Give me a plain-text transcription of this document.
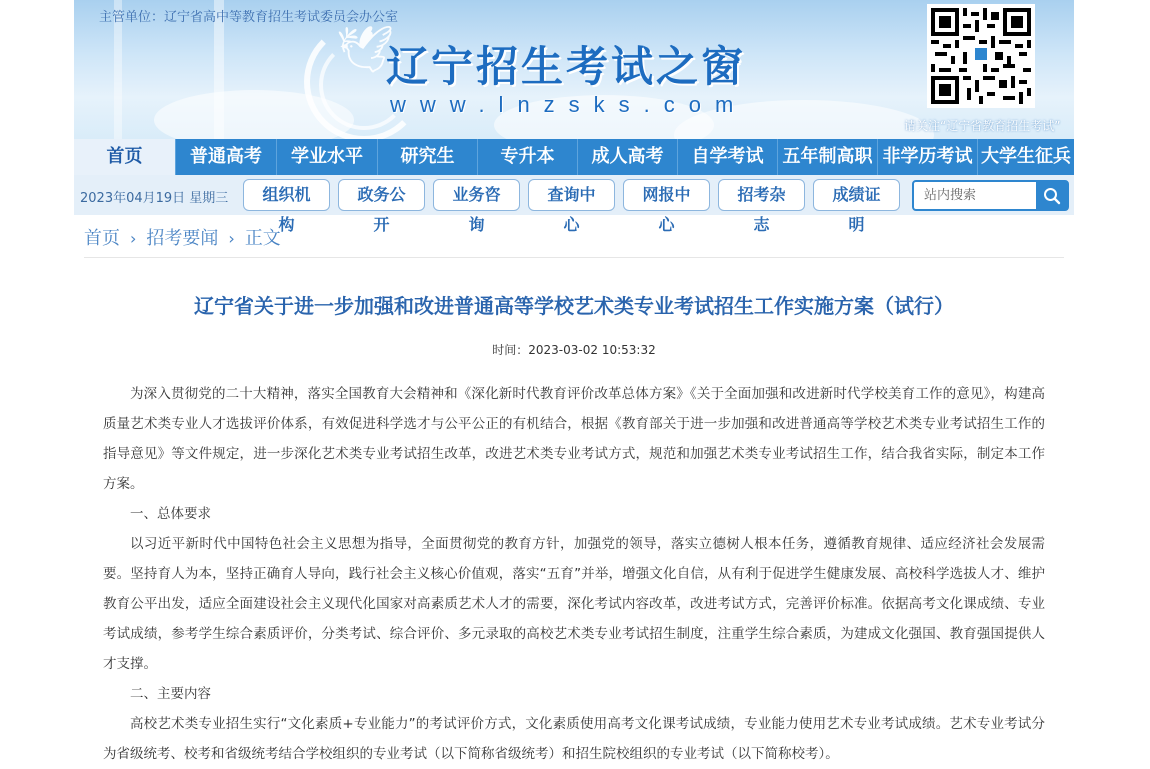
🕊
主管单位：辽宁省高中等教育招生考试委员会办公室
辽宁招生考试之窗
www.lnzsks.com
请关注“辽宁省教育招生考试”
首页	普通高考	学业水平	研究生	专升本	成人高考	自学考试	五年制高职 非学历考试 大学生征兵
2023年04月19日 星期三	组织机构
政务公开
业务咨询
查询中心
网报中心
招考杂志
成绩证明
站内搜索
首页 › 招考要闻 › 正文
辽宁省关于进一步加强和改进普通高等学校艺术类专业考试招生工作实施方案（试行）
时间：2023-03-02 10:53:32

为深入贯彻党的二十大精神，落实全国教育大会精神和《深化新时代教育评价改革总体方案》《关于全面加强和改进新时代学校美育工作的意见》，构建高质量艺术类专业人才选拔评价体系，有效促进科学选才与公平公正的有机结合，根据《教育部关于进一步加强和改进普通高等学校艺术类专业考试招生工作的指导意见》等文件规定，进一步深化艺术类专业考试招生改革，改进艺术类专业考试方式，规范和加强艺术类专业考试招生工作，结合我省实际，制定本工作方案。

一、总体要求

以习近平新时代中国特色社会主义思想为指导，全面贯彻党的教育方针，加强党的领导，落实立德树人根本任务，遵循教育规律、适应经济社会发展需要。坚持育人为本，坚持正确育人导向，践行社会主义核心价值观，落实“五育”并举，增强文化自信，从有利于促进学生健康发展、高校科学选拔人才、维护教育公平出发，适应全面建设社会主义现代化国家对高素质艺术人才的需要，深化考试内容改革，改进考试方式，完善评价标准。依据高考文化课成绩、专业考试成绩，参考学生综合素质评价，分类考试、综合评价、多元录取的高校艺术类专业考试招生制度，注重学生综合素质，为建成文化强国、教育强国提供人才支撑。

二、主要内容

高校艺术类专业招生实行“文化素质+专业能力”的考试评价方式，文化素质使用高考文化课考试成绩，专业能力使用艺术专业考试成绩。艺术专业考试分为省级统考、校考和省级统考结合学校组织的专业考试（以下简称省级统考）和招生院校组织的专业考试（以下简称校考）。
